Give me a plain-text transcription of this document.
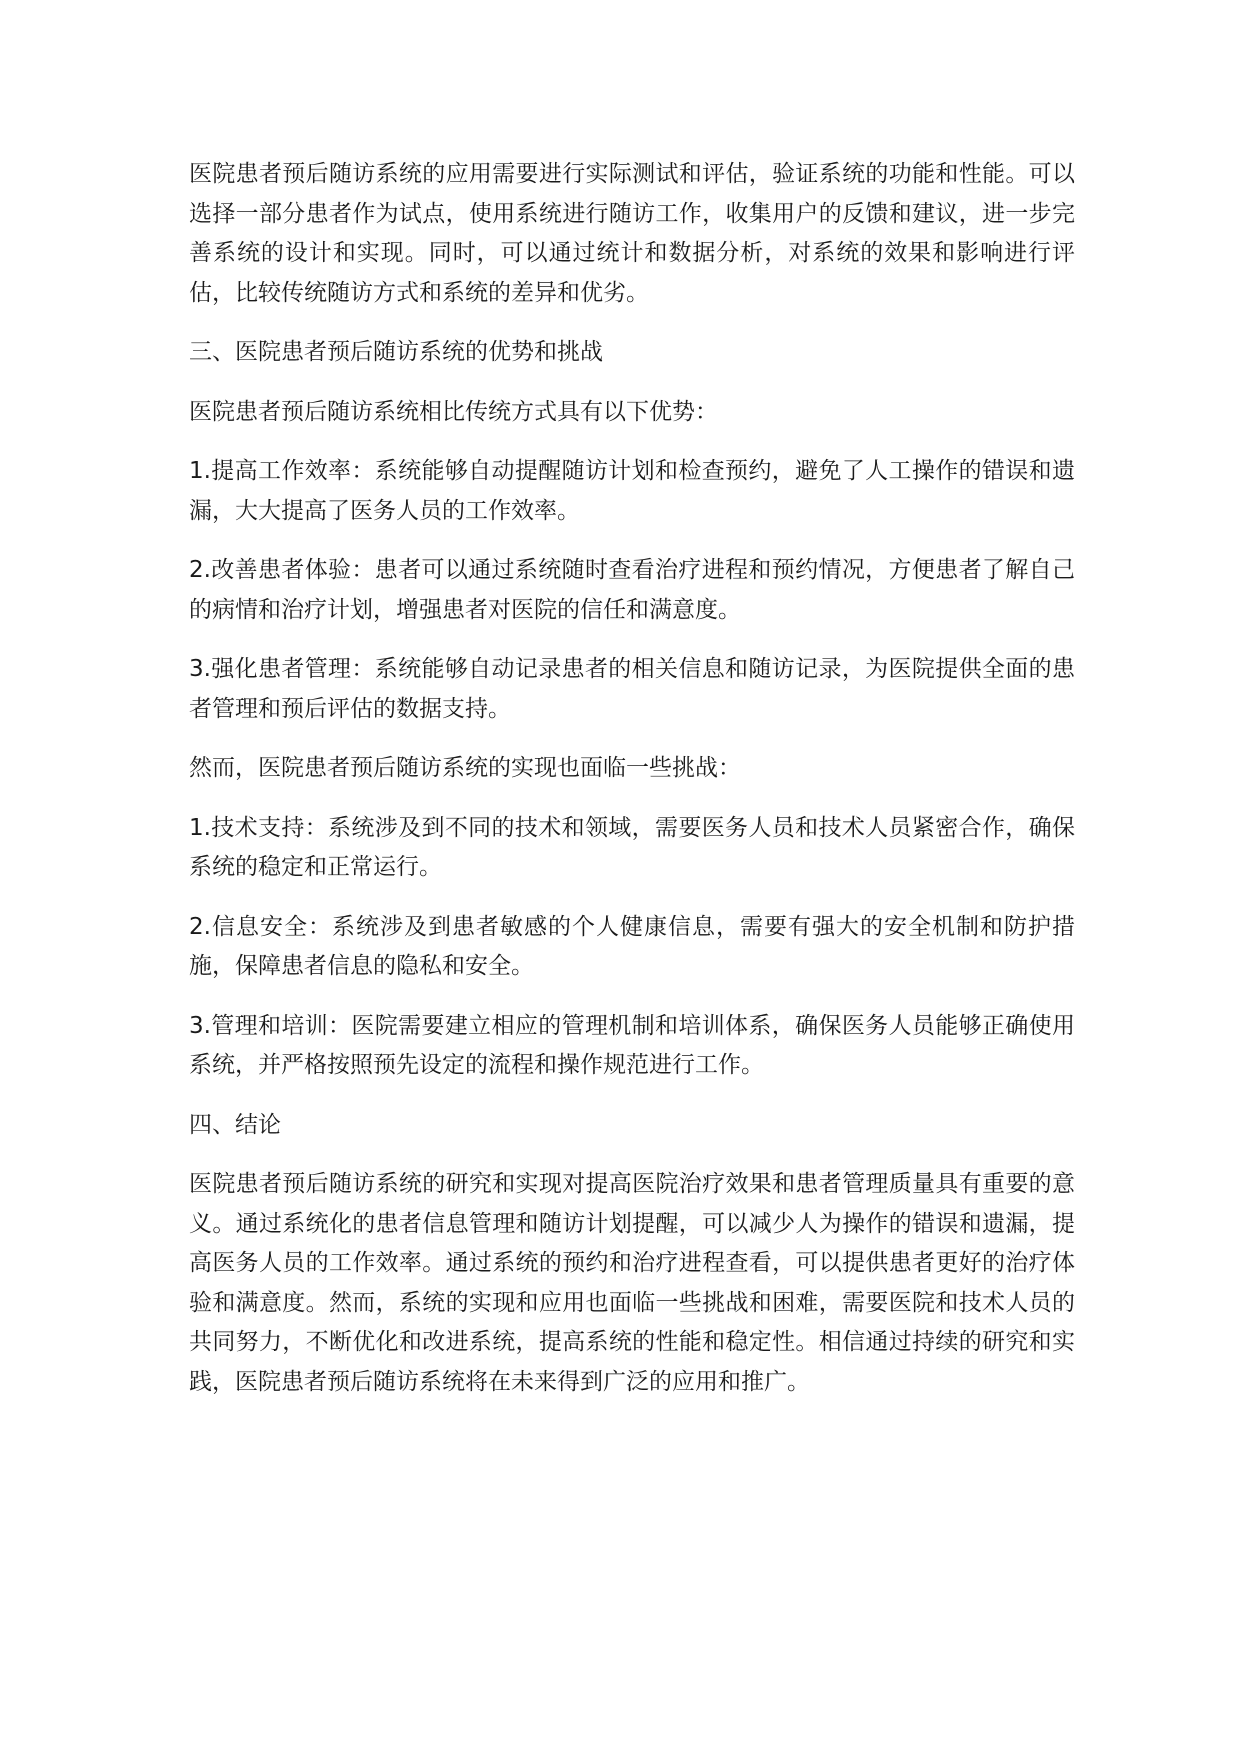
医院患者预后随访系统的应用需要进行实际测试和评估，验证系统的功能和性能。可以选择一部分患者作为试点，使用系统进行随访工作，收集用户的反馈和建议，进一步完善系统的设计和实现。同时，可以通过统计和数据分析，对系统的效果和影响进行评估，比较传统随访方式和系统的差异和优劣。

三、医院患者预后随访系统的优势和挑战

医院患者预后随访系统相比传统方式具有以下优势：

1.提高工作效率：系统能够自动提醒随访计划和检查预约，避免了人工操作的错误和遗漏，大大提高了医务人员的工作效率。

2.改善患者体验：患者可以通过系统随时查看治疗进程和预约情况，方便患者了解自己的病情和治疗计划，增强患者对医院的信任和满意度。

3.强化患者管理：系统能够自动记录患者的相关信息和随访记录，为医院提供全面的患者管理和预后评估的数据支持。

然而，医院患者预后随访系统的实现也面临一些挑战：

1.技术支持：系统涉及到不同的技术和领域，需要医务人员和技术人员紧密合作，确保系统的稳定和正常运行。

2.信息安全：系统涉及到患者敏感的个人健康信息，需要有强大的安全机制和防护措施，保障患者信息的隐私和安全。

3.管理和培训：医院需要建立相应的管理机制和培训体系，确保医务人员能够正确使用系统，并严格按照预先设定的流程和操作规范进行工作。

四、结论

医院患者预后随访系统的研究和实现对提高医院治疗效果和患者管理质量具有重要的意义。通过系统化的患者信息管理和随访计划提醒，可以减少人为操作的错误和遗漏，提高医务人员的工作效率。通过系统的预约和治疗进程查看，可以提供患者更好的治疗体验和满意度。然而，系统的实现和应用也面临一些挑战和困难，需要医院和技术人员的共同努力，不断优化和改进系统，提高系统的性能和稳定性。相信通过持续的研究和实践，医院患者预后随访系统将在未来得到广泛的应用和推广。
